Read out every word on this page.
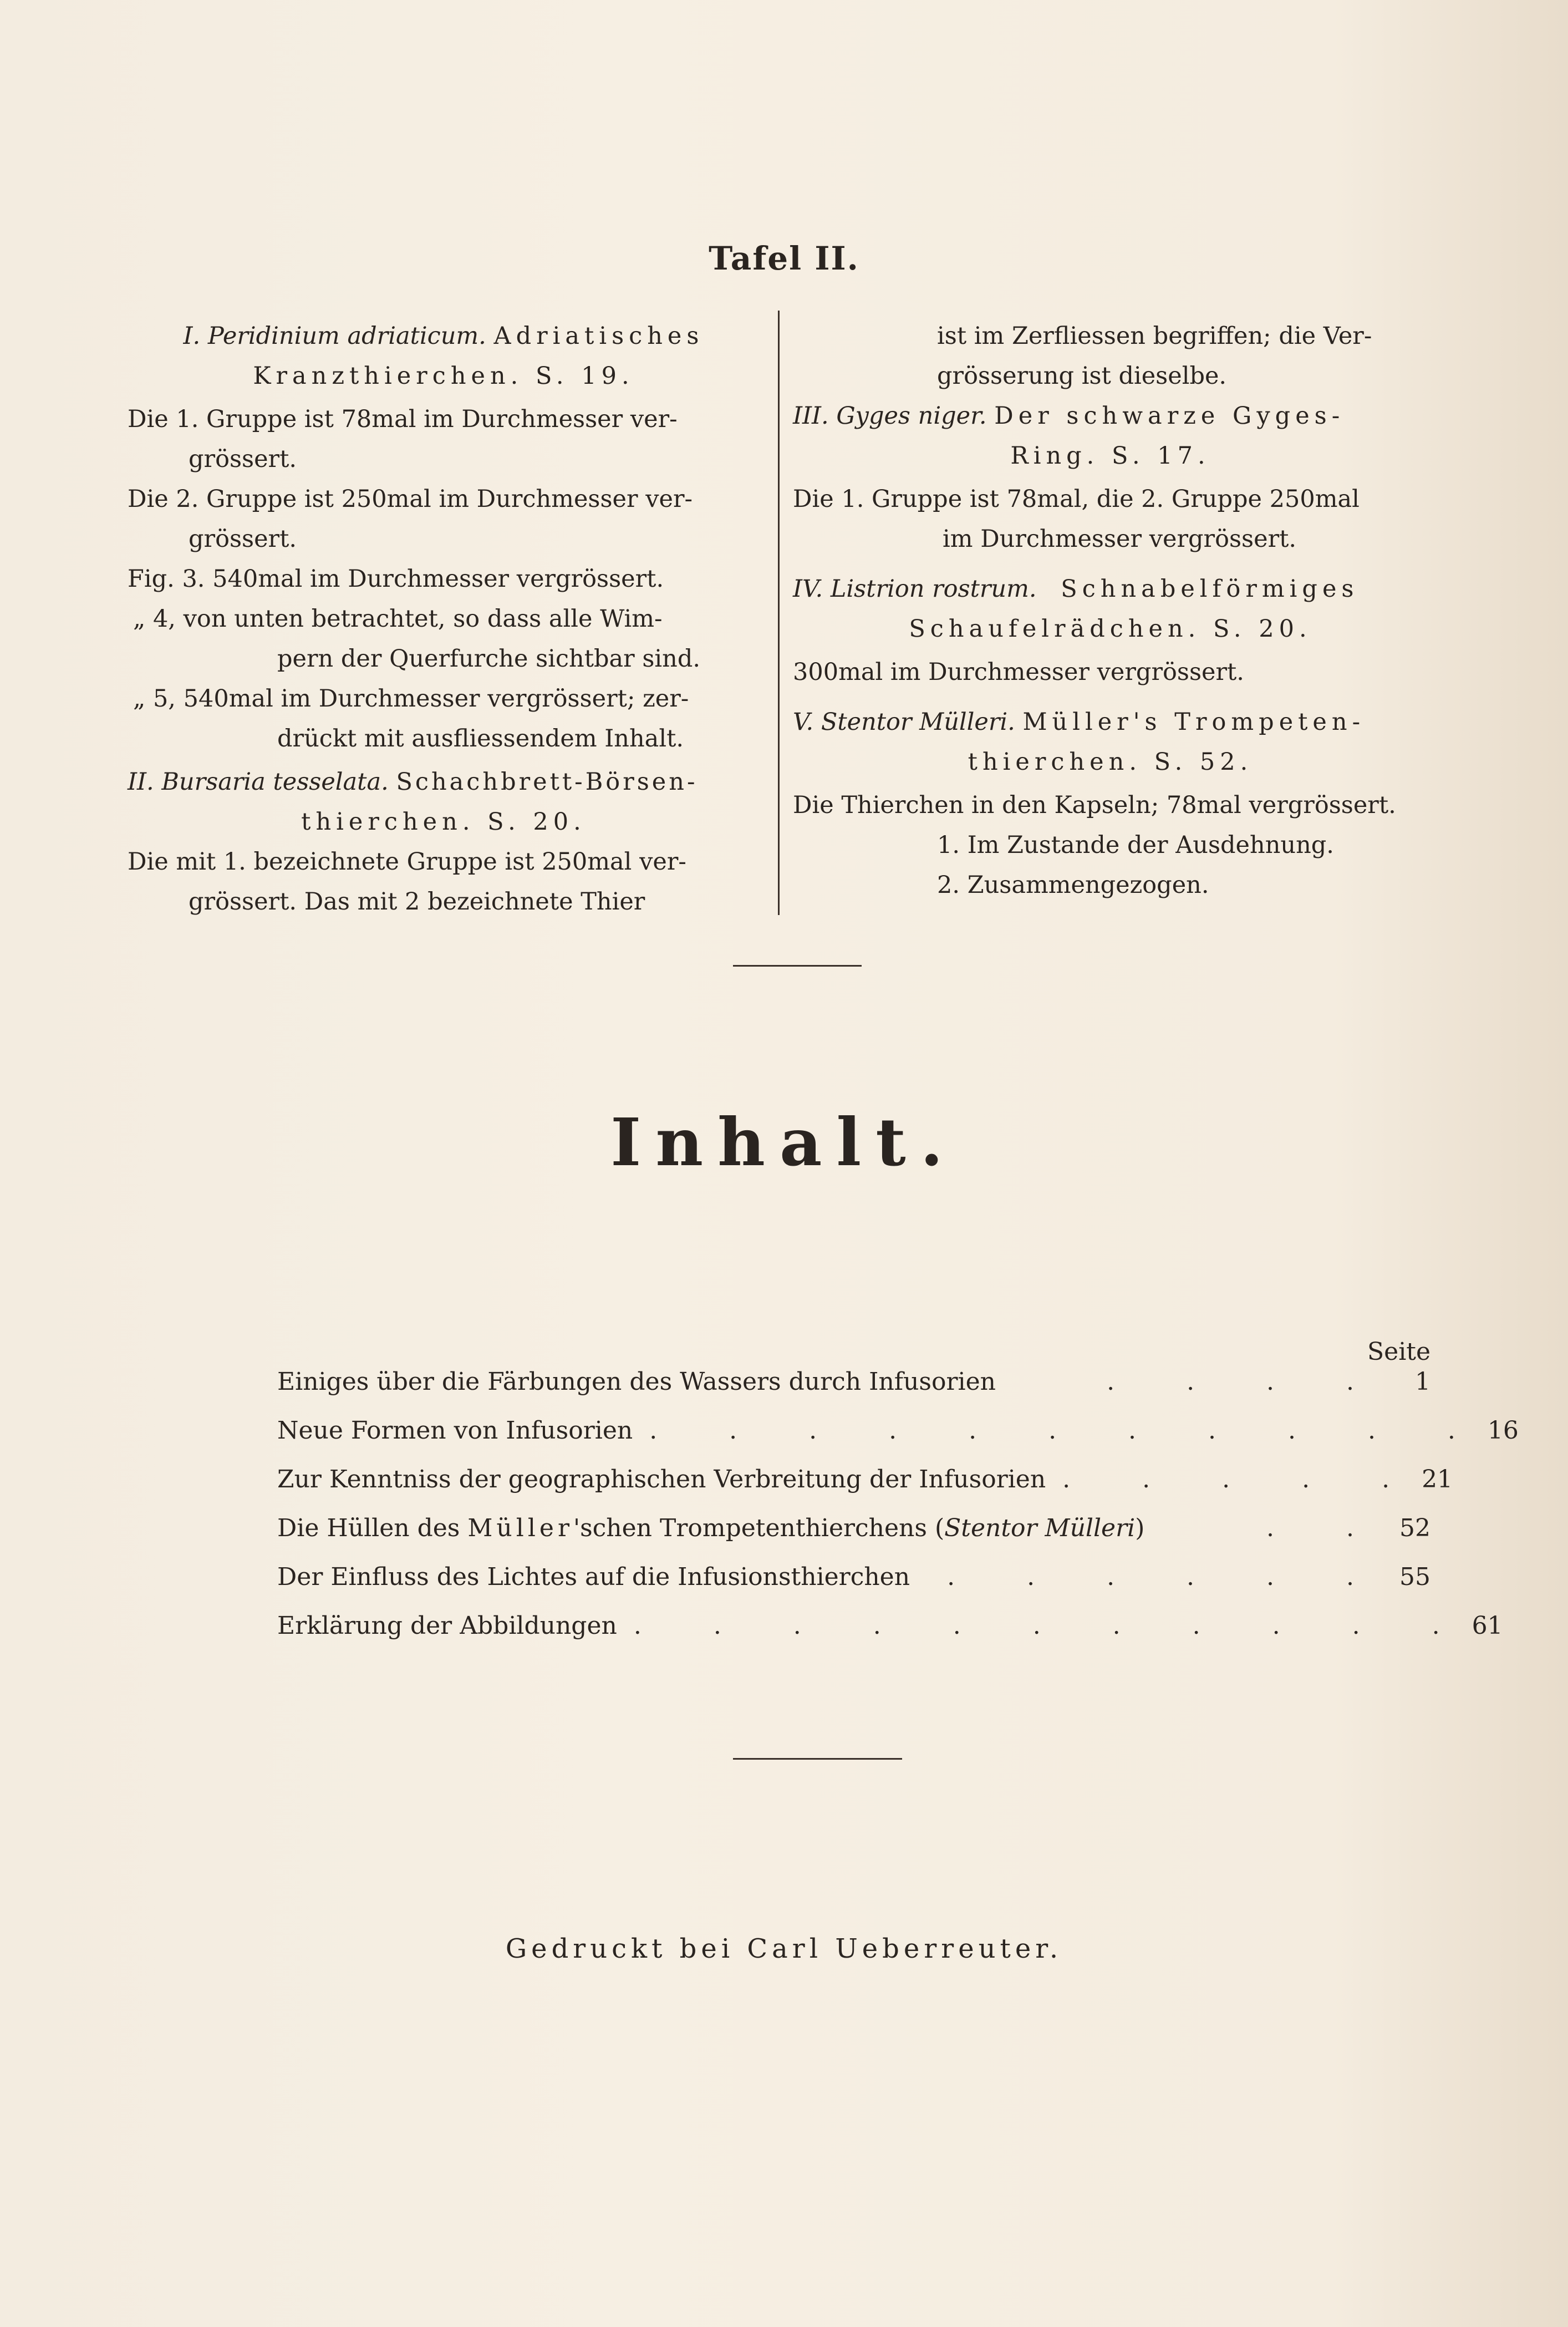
Tafel II.

I. Peridinium adriaticum. Adriatisches

Kranzthierchen. S. 19.

Die 1. Gruppe ist 78mal im Durchmesser ver-

grössert.

Die 2. Gruppe ist 250mal im Durchmesser ver-

grössert.

Fig. 3. 540mal im Durchmesser vergrössert.

„ 4, von unten betrachtet, so dass alle Wim-

pern der Querfurche sichtbar sind.

„ 5, 540mal im Durchmesser vergrössert; zer-

drückt mit ausfliessendem Inhalt.

II. Bursaria tesselata. Schachbrett-Börsen-

thierchen. S. 20.

Die mit 1. bezeichnete Gruppe ist 250mal ver-

grössert. Das mit 2 bezeichnete Thier

ist im Zerfliessen begriffen; die Ver-

grösserung ist dieselbe.

III. Gyges niger. Der schwarze Gyges-

Ring. S. 17.

Die 1. Gruppe ist 78mal, die 2. Gruppe 250mal

im Durchmesser vergrössert.

IV. Listrion rostrum. Schnabelförmiges

Schaufelrädchen. S. 20.

300mal im Durchmesser vergrössert.

V. Stentor Mülleri. Müller's Trompeten-

thierchen. S. 52.

Die Thierchen in den Kapseln; 78mal vergrössert.

1. Im Zustande der Ausdehnung.

2. Zusammengezogen.

Inhalt.
Seite
Einiges über die Färbungen des Wassers durch Infusorien	. . . .	1
Neue Formen von Infusorien . . . . . . . . . . . 16
Zur Kenntniss der geographischen Verbreitung der Infusorien . . . . . 21
Die Hüllen des Müller'schen Trompetenthierchens (Stentor Mülleri)	. . 52
Der Einfluss des Lichtes auf die Infusionsthierchen	. . . . . . 55
Erklärung der Abbildungen . . . . . . . . . . . 61
Gedruckt bei Carl Ueberreuter.
